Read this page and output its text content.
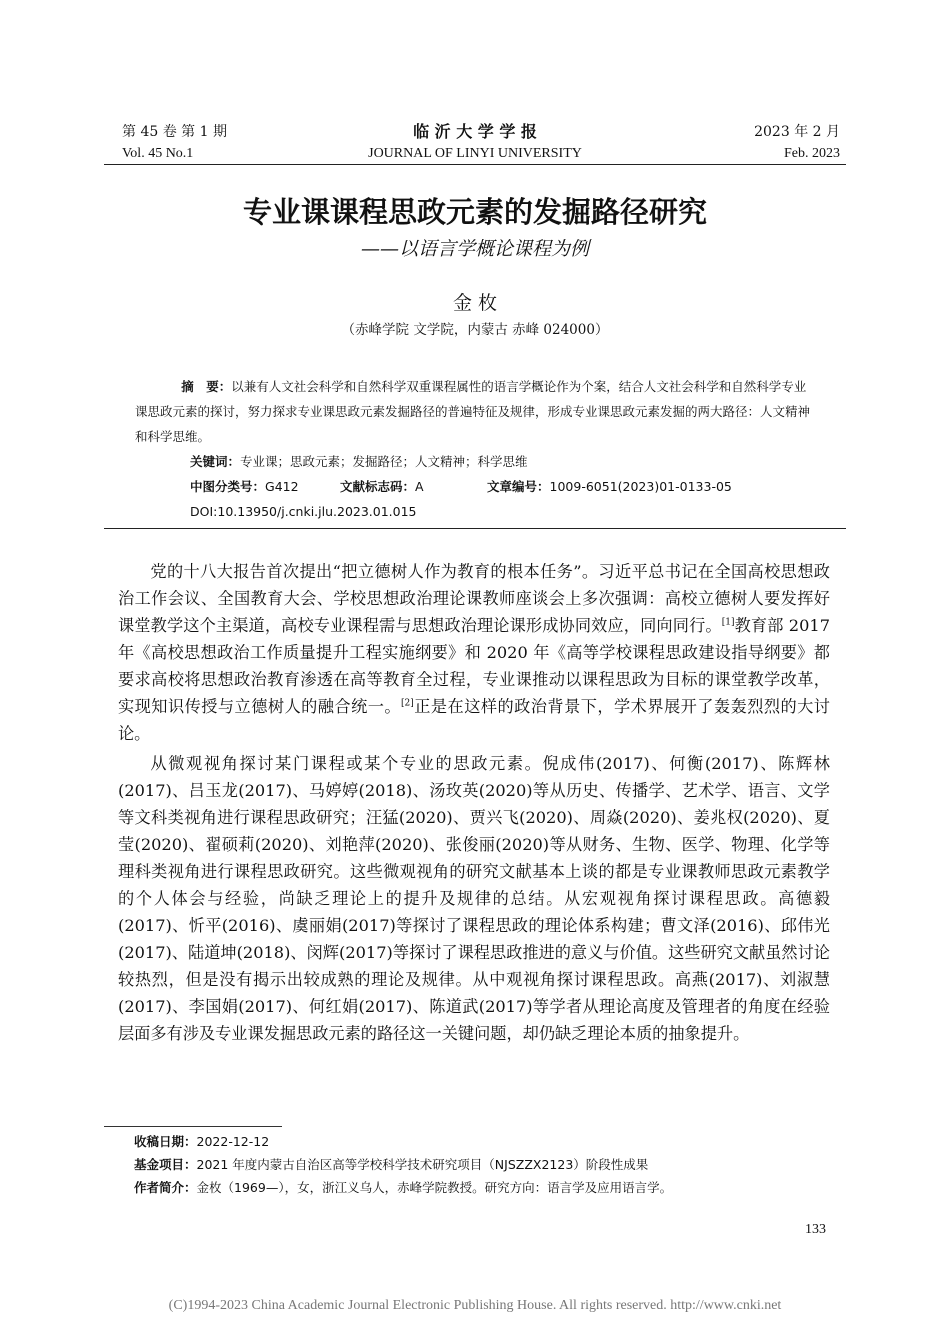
第 45 卷 第 1 期	临 沂 大 学 学 报	2023 年 2 月
Vol. 45 No.1	JOURNAL OF LINYI UNIVERSITY	Feb. 2023
专业课课程思政元素的发掘路径研究
——以语言学概论课程为例
金 枚
（赤峰学院 文学院，内蒙古 赤峰 024000）
摘　要：以兼有人文社会科学和自然科学双重课程属性的语言学概论作为个案，结合人文社会科学和自然科学专业课思政元素的探讨，努力探求专业课思政元素发掘路径的普遍特征及规律，形成专业课思政元素发掘的两大路径：人文精神和科学思维。
关键词：专业课；思政元素；发掘路径；人文精神；科学思维
中图分类号：G412	文献标志码：A	文章编号：1009-6051(2023)01-0133-05
DOI:10.13950/j.cnki.jlu.2023.01.015

党的十八大报告首次提出“把立德树人作为教育的根本任务”。习近平总书记在全国高校思想政治工作会议、全国教育大会、学校思想政治理论课教师座谈会上多次强调：高校立德树人要发挥好课堂教学这个主渠道，高校专业课程需与思想政治理论课形成协同效应，同向同行。[1]教育部 2017 年《高校思想政治工作质量提升工程实施纲要》和 2020 年《高等学校课程思政建设指导纲要》都要求高校将思想政治教育渗透在高等教育全过程，专业课推动以课程思政为目标的课堂教学改革，实现知识传授与立德树人的融合统一。[2]正是在这样的政治背景下，学术界展开了轰轰烈烈的大讨论。

从微观视角探讨某门课程或某个专业的思政元素。倪成伟(2017)、何衡(2017)、陈辉林(2017)、吕玉龙(2017)、马婷婷(2018)、汤玫英(2020)等从历史、传播学、艺术学、语言、文学等文科类视角进行课程思政研究；汪猛(2020)、贾兴飞(2020)、周焱(2020)、姜兆权(2020)、夏莹(2020)、翟硕莉(2020)、刘艳萍(2020)、张俊丽(2020)等从财务、生物、医学、物理、化学等理科类视角进行课程思政研究。这些微观视角的研究文献基本上谈的都是专业课教师思政元素教学的个人体会与经验，尚缺乏理论上的提升及规律的总结。从宏观视角探讨课程思政。高德毅(2017)、忻平(2016)、虞丽娟(2017)等探讨了课程思政的理论体系构建；曹文泽(2016)、邱伟光(2017)、陆道坤(2018)、闵辉(2017)等探讨了课程思政推进的意义与价值。这些研究文献虽然讨论较热烈，但是没有揭示出较成熟的理论及规律。从中观视角探讨课程思政。高燕(2017)、刘淑慧(2017)、李国娟(2017)、何红娟(2017)、陈道武(2017)等学者从理论高度及管理者的角度在经验层面多有涉及专业课发掘思政元素的路径这一关键问题，却仍缺乏理论本质的抽象提升。

收稿日期：2022-12-12
基金项目：2021 年度内蒙古自治区高等学校科学技术研究项目（NJSZZX2123）阶段性成果
作者简介：金枚（1969—），女，浙江义乌人，赤峰学院教授。研究方向：语言学及应用语言学。
133
(C)1994-2023 China Academic Journal Electronic Publishing House. All rights reserved. http://www.cnki.net
